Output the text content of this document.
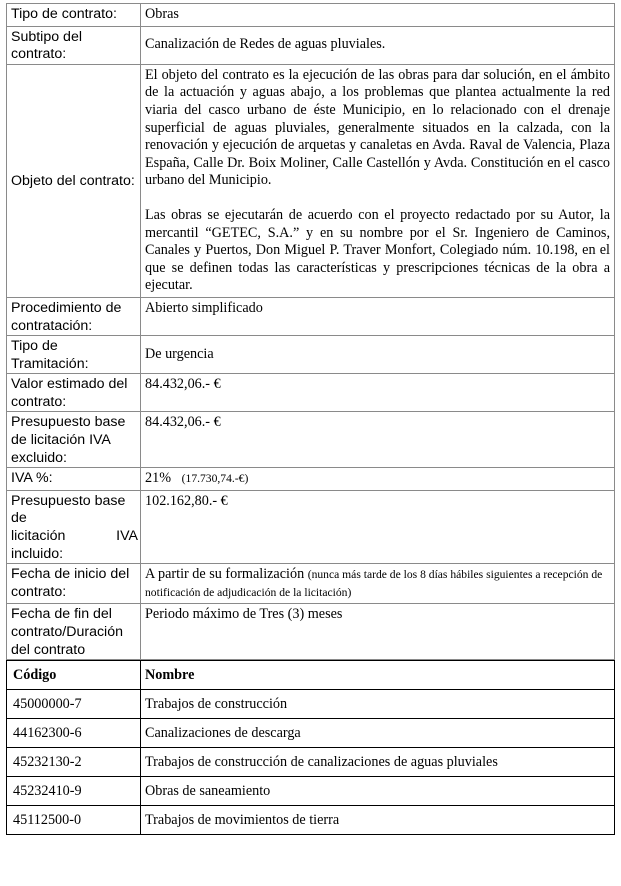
Tipo de contrato:	Obras
Subtipo del contrato:	Canalización de Redes de aguas pluviales.
Objeto del contrato:	El objeto del contrato es la ejecución de las obras para dar solución, en el ámbito de la actuación y aguas abajo, a los problemas que plantea actualmente la red viaria del casco urbano de éste Municipio, en lo relacionado con el drenaje superficial de aguas pluviales, generalmente situados en la calzada, con la renovación y ejecución de arquetas y canaletas en Avda. Raval de Valencia, Plaza España, Calle Dr. Boix Moliner, Calle Castellón y Avda. Constitución en el casco urbano del Municipio.
Las obras se ejecutarán de acuerdo con el proyecto redactado por su Autor, la mercantil “GETEC, S.A.” y en su nombre por el Sr. Ingeniero de Caminos, Canales y Puertos, Don Miguel P. Traver Monfort, Colegiado núm. 10.198, en el que se definen todas las características y prescripciones técnicas de la obra a ejecutar.

Procedimiento de contratación:	Abierto simplificado
Tipo de Tramitación:	De urgencia
Valor estimado del contrato:	84.432,06.- €
Presupuesto base de licitación IVA excluido:	84.432,06.- €
IVA %:	21% (17.730,74.-€)

Presupuesto base de
licitación IVA
incluido:	102.162,80.- €
Fecha de inicio del contrato:	A partir de su formalización (nunca más tarde de los 8 días hábiles siguientes a recepción de notificación de adjudicación de la licitación)
Fecha de fin del contrato/Duración del contrato	Periodo máximo de Tres (3) meses
Código	Nombre
45000000-7	Trabajos de construcción
44162300-6	Canalizaciones de descarga
45232130-2	Trabajos de construcción de canalizaciones de aguas pluviales
45232410-9	Obras de saneamiento
45112500-0	Trabajos de movimientos de tierra
